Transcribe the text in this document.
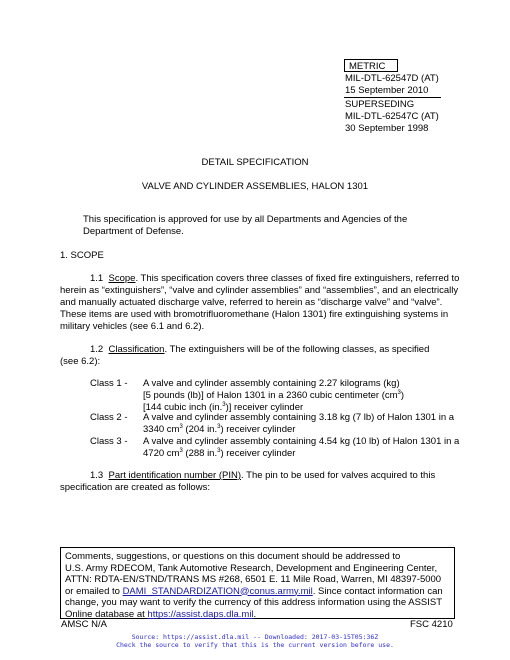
METRIC
MIL-DTL-62547D (AT)
15 September 2010
SUPERSEDING
MIL-DTL-62547C (AT)
30 September 1998
DETAIL SPECIFICATION
VALVE AND CYLINDER ASSEMBLIES, HALON 1301
This specification is approved for use by all Departments and Agencies of the
Department of Defense.
1. SCOPE
1.1 Scope. This specification covers three classes of fixed fire extinguishers, referred to
herein as “extinguishers”, “valve and cylinder assemblies” and “assemblies”, and an electrically
and manually actuated discharge valve, referred to herein as “discharge valve” and “valve”.
These items are used with bromotrifluoromethane (Halon 1301) fire extinguishing systems in
military vehicles (see 6.1 and 6.2).
1.2 Classification. The extinguishers will be of the following classes, as specified
(see 6.2):
Class 1 -	A valve and cylinder assembly containing 2.27 kilograms (kg)
[5 pounds (lb)] of Halon 1301 in a 2360 cubic centimeter $(cm^3)$
[144 cubic inch (in.$^3$)] receiver cylinder
Class 2 -	A valve and cylinder assembly containing 3.18 kg (7 lb) of Halon 1301 in a
3340 $cm^3$ (204 in.$^3$) receiver cylinder
Class 3 -	A valve and cylinder assembly containing 4.54 kg (10 lb) of Halon 1301 in a
4720 $cm^3$ (288 in.$^3$) receiver cylinder
1.3 Part identification number (PIN). The pin to be used for valves acquired to this
specification are created as follows:
Comments, suggestions, or questions on this document should be addressed to
U.S. Army RDECOM, Tank Automotive Research, Development and Engineering Center,
ATTN: RDTA-EN/STND/TRANS MS #268, 6501 E. 11 Mile Road, Warren, MI 48397-5000
or emailed to DAMI_STANDARDIZATION@conus.army.mil. Since contact information can
change, you may want to verify the currency of this address information using the ASSIST
Online database at https://assist.daps.dla.mil.
AMSC N/A	FSC 4210
Source: https://assist.dla.mil -- Downloaded: 2017-03-15T05:36Z
Check the source to verify that this is the current version before use.
